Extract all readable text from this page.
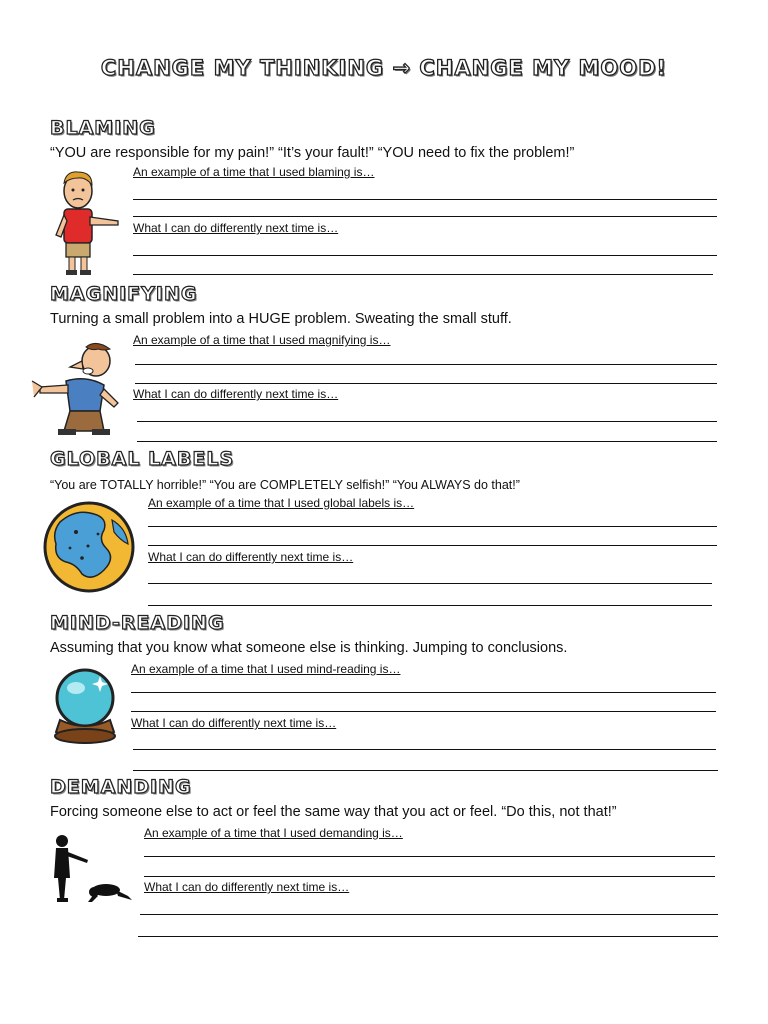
CHANGE MY THINKING → CHANGE MY MOOD!
BLAMING
“YOU are responsible for my pain!” “It’s your fault!” “YOU need to fix the problem!”
An example of a time that I used blaming is…
What I can do differently next time is…
MAGNIFYING
Turning a small problem into a HUGE problem. Sweating the small stuff.
An example of a time that I used magnifying is…
What I can do differently next time is…
GLOBAL LABELS
“You are TOTALLY horrible!” “You are COMPLETELY selfish!” “You ALWAYS do that!”
An example of a time that I used global labels is…
What I can do differently next time is…
MIND-READING
Assuming that you know what someone else is thinking. Jumping to conclusions.
An example of a time that I used mind-reading is…
What I can do differently next time is…
DEMANDING
Forcing someone else to act or feel the same way that you act or feel. “Do this, not that!”
An example of a time that I used demanding is…
What I can do differently next time is…
